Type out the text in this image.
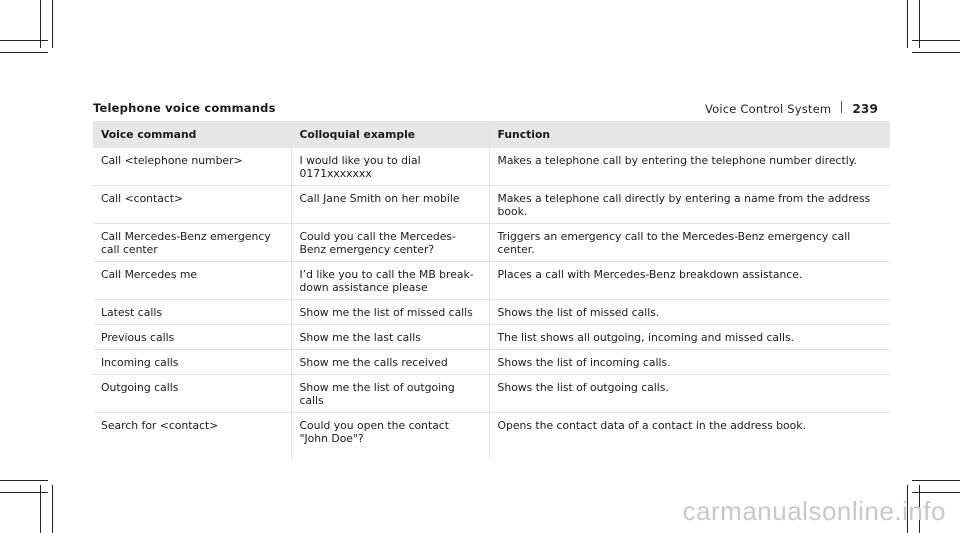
Voice Control System 239
Telephone voice commands
Voice command	Colloquial example	Function
Call <telephone number>	I would like you to dial 0171xxxxxxx	Makes a telephone call by entering the telephone number directly.
Call <contact>	Call Jane Smith on her mobile	Makes a telephone call directly by entering a name from the address book.
Call Mercedes-Benz emergency call center	Could you call the Mercedes-Benz emergency center?	Triggers an emergency call to the Mercedes-Benz emergency call center.
Call Mercedes me	I’d like you to call the MB break-down assistance please	Places a call with Mercedes-Benz breakdown assistance.
Latest calls	Show me the list of missed calls	Shows the list of missed calls.
Previous calls	Show me the last calls	The list shows all outgoing, incoming and missed calls.
Incoming calls	Show me the calls received	Shows the list of incoming calls.
Outgoing calls	Show me the list of outgoing calls	Shows the list of outgoing calls.
Search for <contact>	Could you open the contact "John Doe"?	Opens the contact data of a contact in the address book.
carmanualsonline.info
